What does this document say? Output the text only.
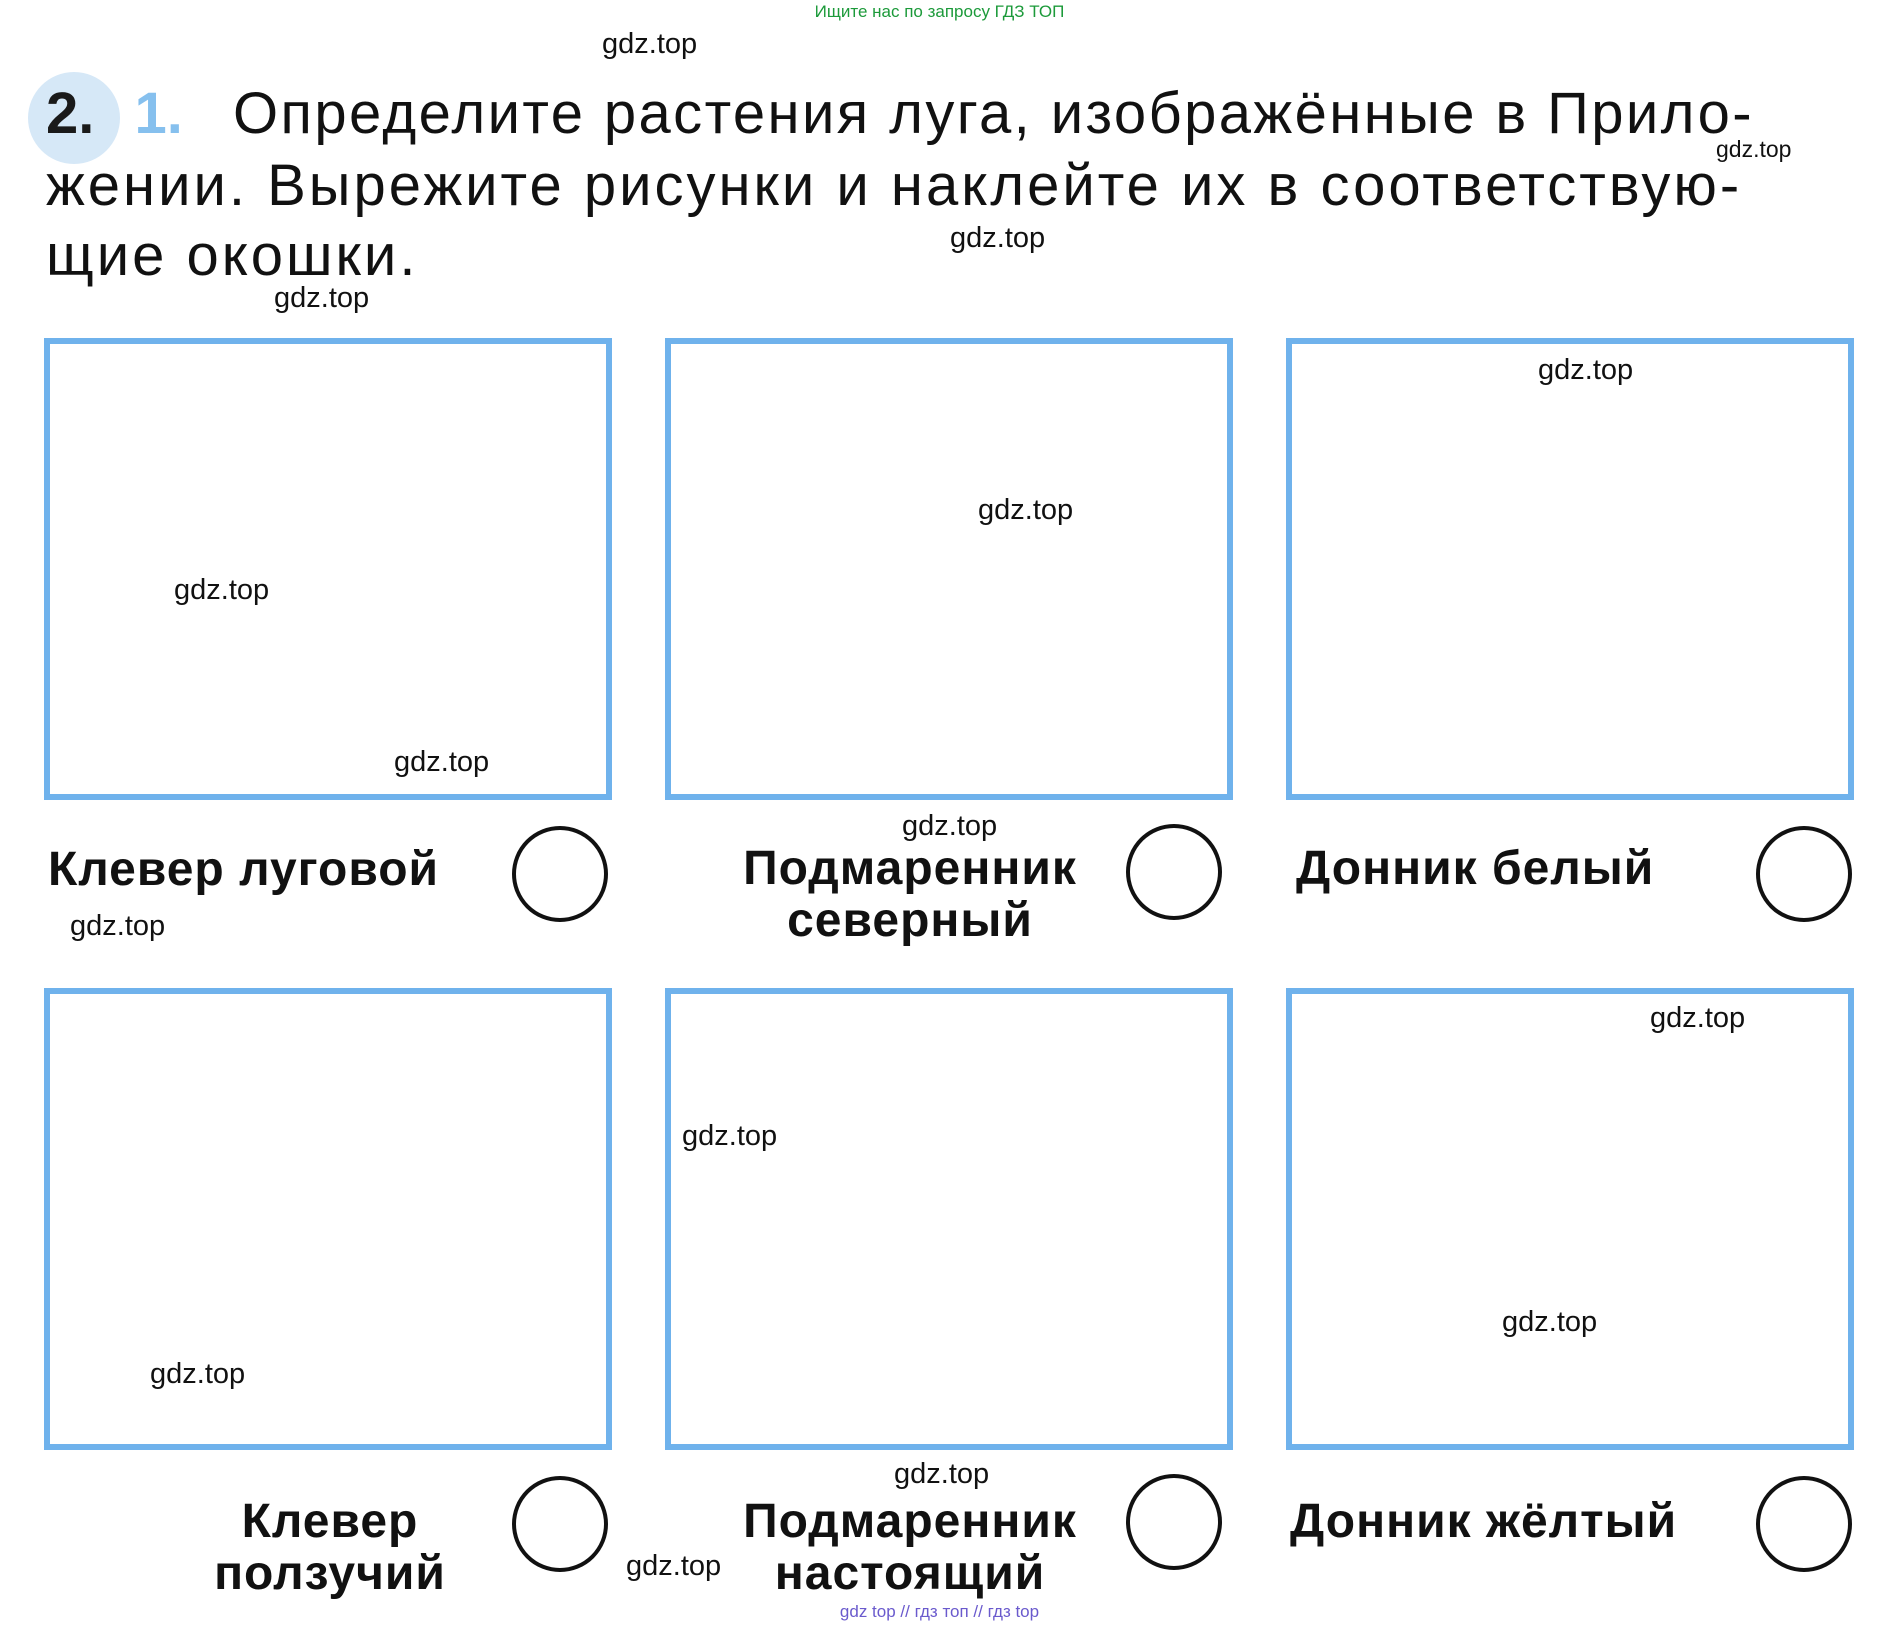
Ищите нас по запросу ГДЗ ТОП
2. 1. Определите растения луга, изображённые в Прило-
жении. Вырежите рисунки и наклейте их в соответствую-
щие окошки.
Клевер луговой	Подмаренник
северный
Донник белый
Клевер
ползучий
Подмаренник
настоящий
Донник жёлтый
gdz.top
gdz.top
gdz.top
gdz.top
gdz.top
gdz.top
gdz.top
gdz.top
gdz.top
gdz.top
gdz.top
gdz.top
gdz.top
gdz.top
gdz.top
gdz.top
gdz top // гдз топ // гдз top
